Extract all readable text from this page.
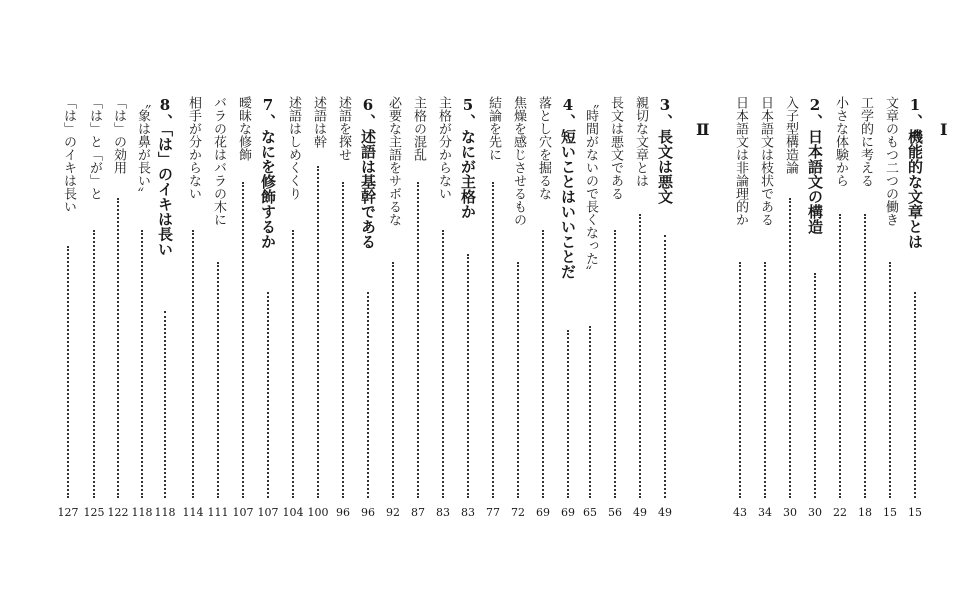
I
Ⅱ	1、機能的な文章とは
15
文章のもつ二つの働き
15
工学的に考える
18
小さな体験から
22
2、日本語文の構造
30
入子型構造論
30
日本語文は枝状である
34
日本語文は非論理的か
43
3、長文は悪文
49
親切な文章とは
49
長文は悪文である
56
〝時間がないので長くなった〟
65
4、短いことはいいことだ
69
落とし穴を掘るな
69
焦燥を感じさせるもの
72
結論を先に
77
5、なにが主格か
83
主格が分からない
83
主格の混乱
87
必要な主語をサボるな
92
6、述語は基幹である
96
述語を探せ
96
述語は幹
100
述語はしめくくり
104
7、なにを修飾するか
107
曖昧な修飾
107
バラの花はバラの木に
111
相手が分からない
114
8、「は」のイキは長い
118
〝象は鼻が長い〟
118
「は」の効用
122
「は」と「が」と
125
「は」のイキは長い
127
